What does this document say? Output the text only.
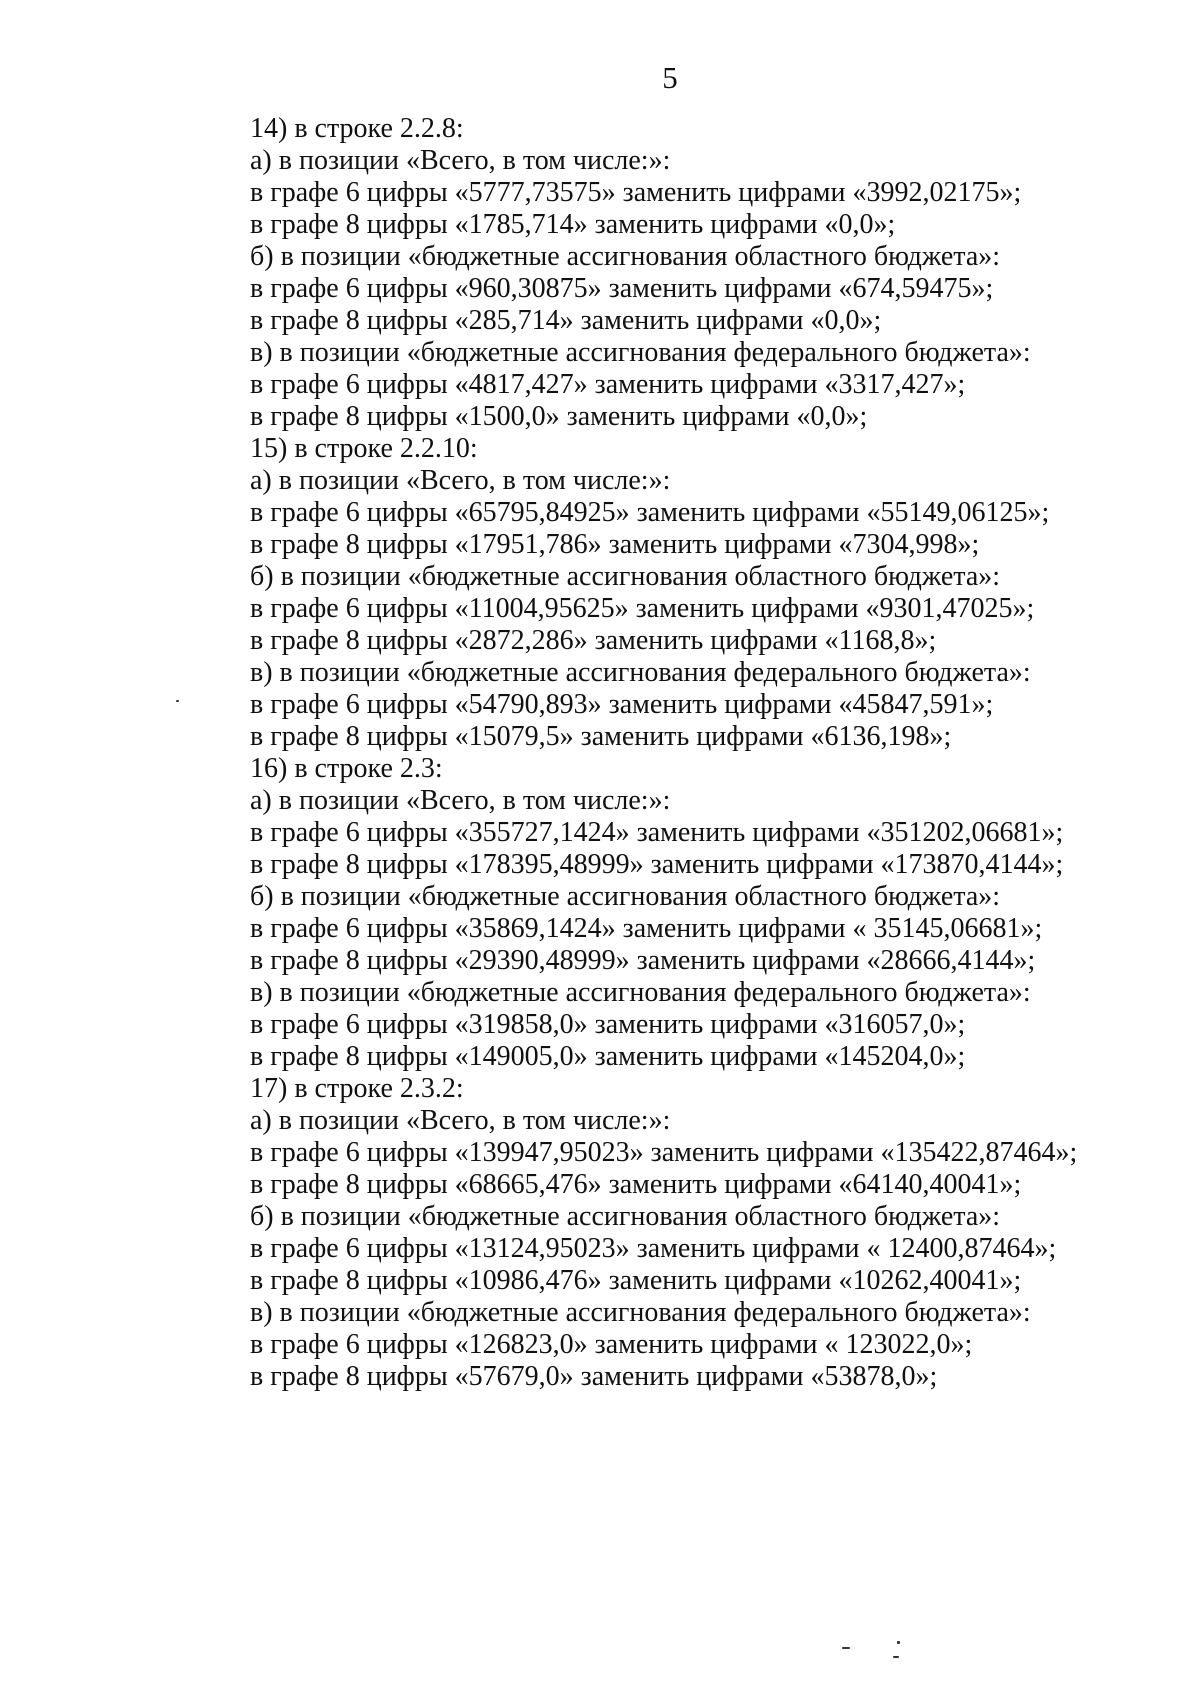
5
14) в строке 2.2.8:
а) в позиции «Всего, в том числе:»:
в графе 6 цифры «5777,73575» заменить цифрами «3992,02175»;
в графе 8 цифры «1785,714» заменить цифрами «0,0»;
б) в позиции «бюджетные ассигнования областного бюджета»:
в графе 6 цифры «960,30875» заменить цифрами «674,59475»;
в графе 8 цифры «285,714» заменить цифрами «0,0»;
в) в позиции «бюджетные ассигнования федерального бюджета»:
в графе 6 цифры «4817,427» заменить цифрами «3317,427»;
в графе 8 цифры «1500,0» заменить цифрами «0,0»;
15) в строке 2.2.10:
а) в позиции «Всего, в том числе:»:
в графе 6 цифры «65795,84925» заменить цифрами «55149,06125»;
в графе 8 цифры «17951,786» заменить цифрами «7304,998»;
б) в позиции «бюджетные ассигнования областного бюджета»:
в графе 6 цифры «11004,95625» заменить цифрами «9301,47025»;
в графе 8 цифры «2872,286» заменить цифрами «1168,8»;
в) в позиции «бюджетные ассигнования федерального бюджета»:
в графе 6 цифры «54790,893» заменить цифрами «45847,591»;
в графе 8 цифры «15079,5» заменить цифрами «6136,198»;
16) в строке 2.3:
а) в позиции «Всего, в том числе:»:
в графе 6 цифры «355727,1424» заменить цифрами «351202,06681»;
в графе 8 цифры «178395,48999» заменить цифрами «173870,4144»;
б) в позиции «бюджетные ассигнования областного бюджета»:
в графе 6 цифры «35869,1424» заменить цифрами « 35145,06681»;
в графе 8 цифры «29390,48999» заменить цифрами «28666,4144»;
в) в позиции «бюджетные ассигнования федерального бюджета»:
в графе 6 цифры «319858,0» заменить цифрами «316057,0»;
в графе 8 цифры «149005,0» заменить цифрами «145204,0»;
17) в строке 2.3.2:
а) в позиции «Всего, в том числе:»:
в графе 6 цифры «139947,95023» заменить цифрами «135422,87464»;
в графе 8 цифры «68665,476» заменить цифрами «64140,40041»;
б) в позиции «бюджетные ассигнования областного бюджета»:
в графе 6 цифры «13124,95023» заменить цифрами « 12400,87464»;
в графе 8 цифры «10986,476» заменить цифрами «10262,40041»;
в) в позиции «бюджетные ассигнования федерального бюджета»:
в графе 6 цифры «126823,0» заменить цифрами « 123022,0»;
в графе 8 цифры «57679,0» заменить цифрами «53878,0»;
